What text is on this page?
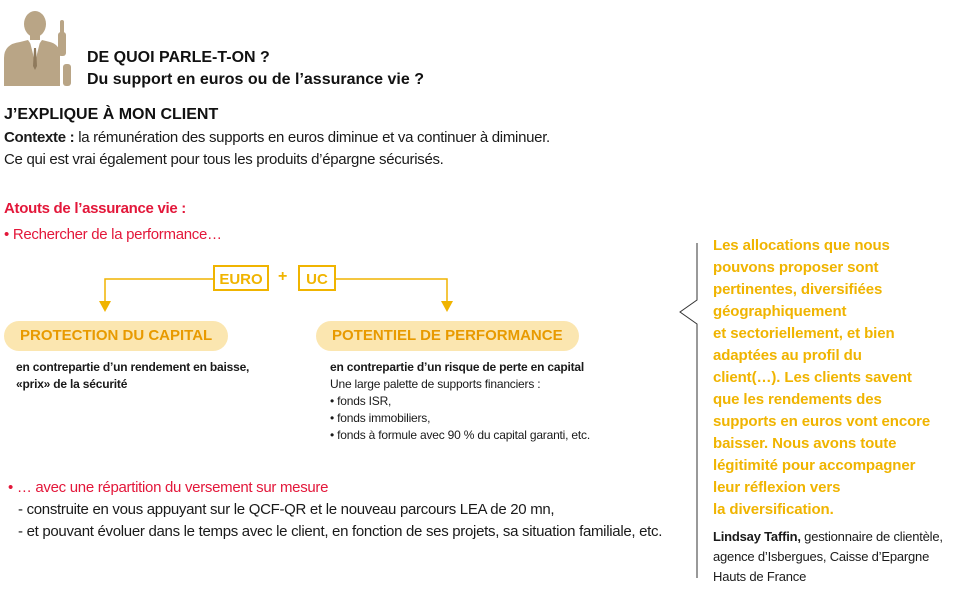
DE QUOI PARLE-T-ON ?
Du support en euros ou de l’assurance vie ?
J’EXPLIQUE À MON CLIENT
Contexte : la rémunération des supports en euros diminue et va continuer à diminuer.
Ce qui est vrai également pour tous les produits d’épargne sécurisés.
Atouts de l’assurance vie :
• Rechercher de la performance…
EURO +	UC
PROTECTION DU CAPITAL	POTENTIEL DE PERFORMANCE
en contrepartie d’un rendement en baisse,
«prix» de la sécurité
en contrepartie d’un risque de perte en capital
Une large palette de supports financiers :
• fonds ISR,
• fonds immobiliers,
• fonds à formule avec 90 % du capital garanti, etc.
• … avec une répartition du versement sur mesure
- construite en vous appuyant sur le QCF-QR et le nouveau parcours LEA de 20 mn,
- et pouvant évoluer dans le temps avec le client, en fonction de ses projets, sa situation familiale, etc.
Les allocations que nous
pouvons proposer sont
pertinentes, diversifiées
géographiquement
et sectoriellement, et bien
adaptées au profil du
client(…). Les clients savent
que les rendements des
supports en euros vont encore
baisser. Nous avons toute
légitimité pour accompagner
leur réflexion vers
la diversification.
Lindsay Taffin, gestionnaire de clientèle,
agence d’Isbergues, Caisse d’Epargne
Hauts de France
